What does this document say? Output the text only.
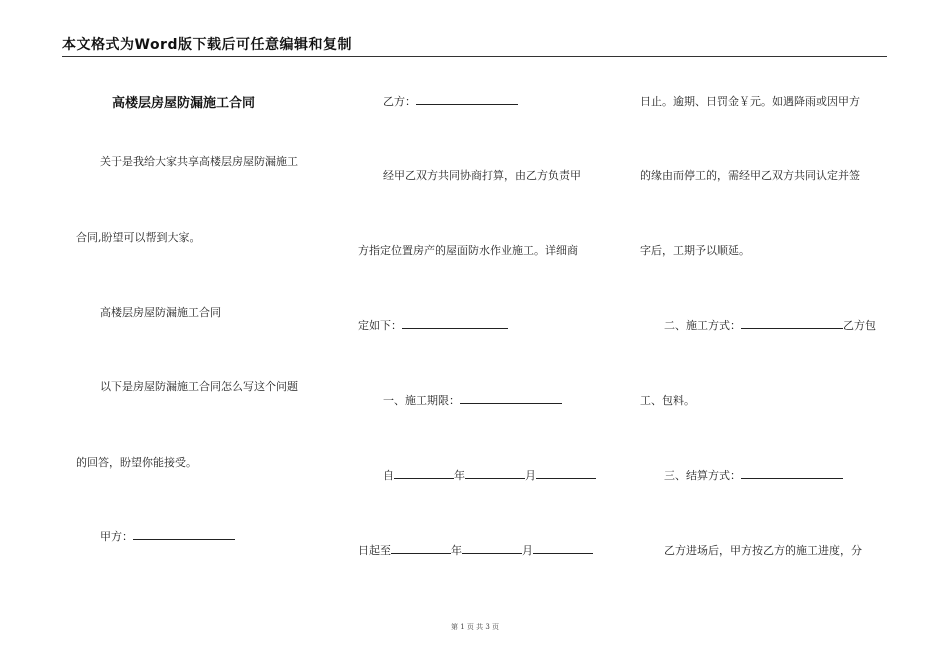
本文格式为Word版下载后可任意编辑和复制
高楼层房屋防漏施工合同
关于是我给大家共享高楼层房屋防漏施工
合同,盼望可以帮到大家。
高楼层房屋防漏施工合同
以下是房屋防漏施工合同怎么写这个问题
的回答，盼望你能接受。
甲方：
乙方：
经甲乙双方共同协商打算，由乙方负责甲
方指定位置房产的屋面防水作业施工。详细商
定如下：
一、施工期限：
自	年	月
日起至	年	月
日止。逾期、日罚金￥元。如遇降雨或因甲方
的缘由而停工的，需经甲乙双方共同认定并签
字后，工期予以顺延。
二、施工方式：	乙方包
工、包料。
三、结算方式：
乙方进场后，甲方按乙方的施工进度，分
第 1 页 共 3 页
